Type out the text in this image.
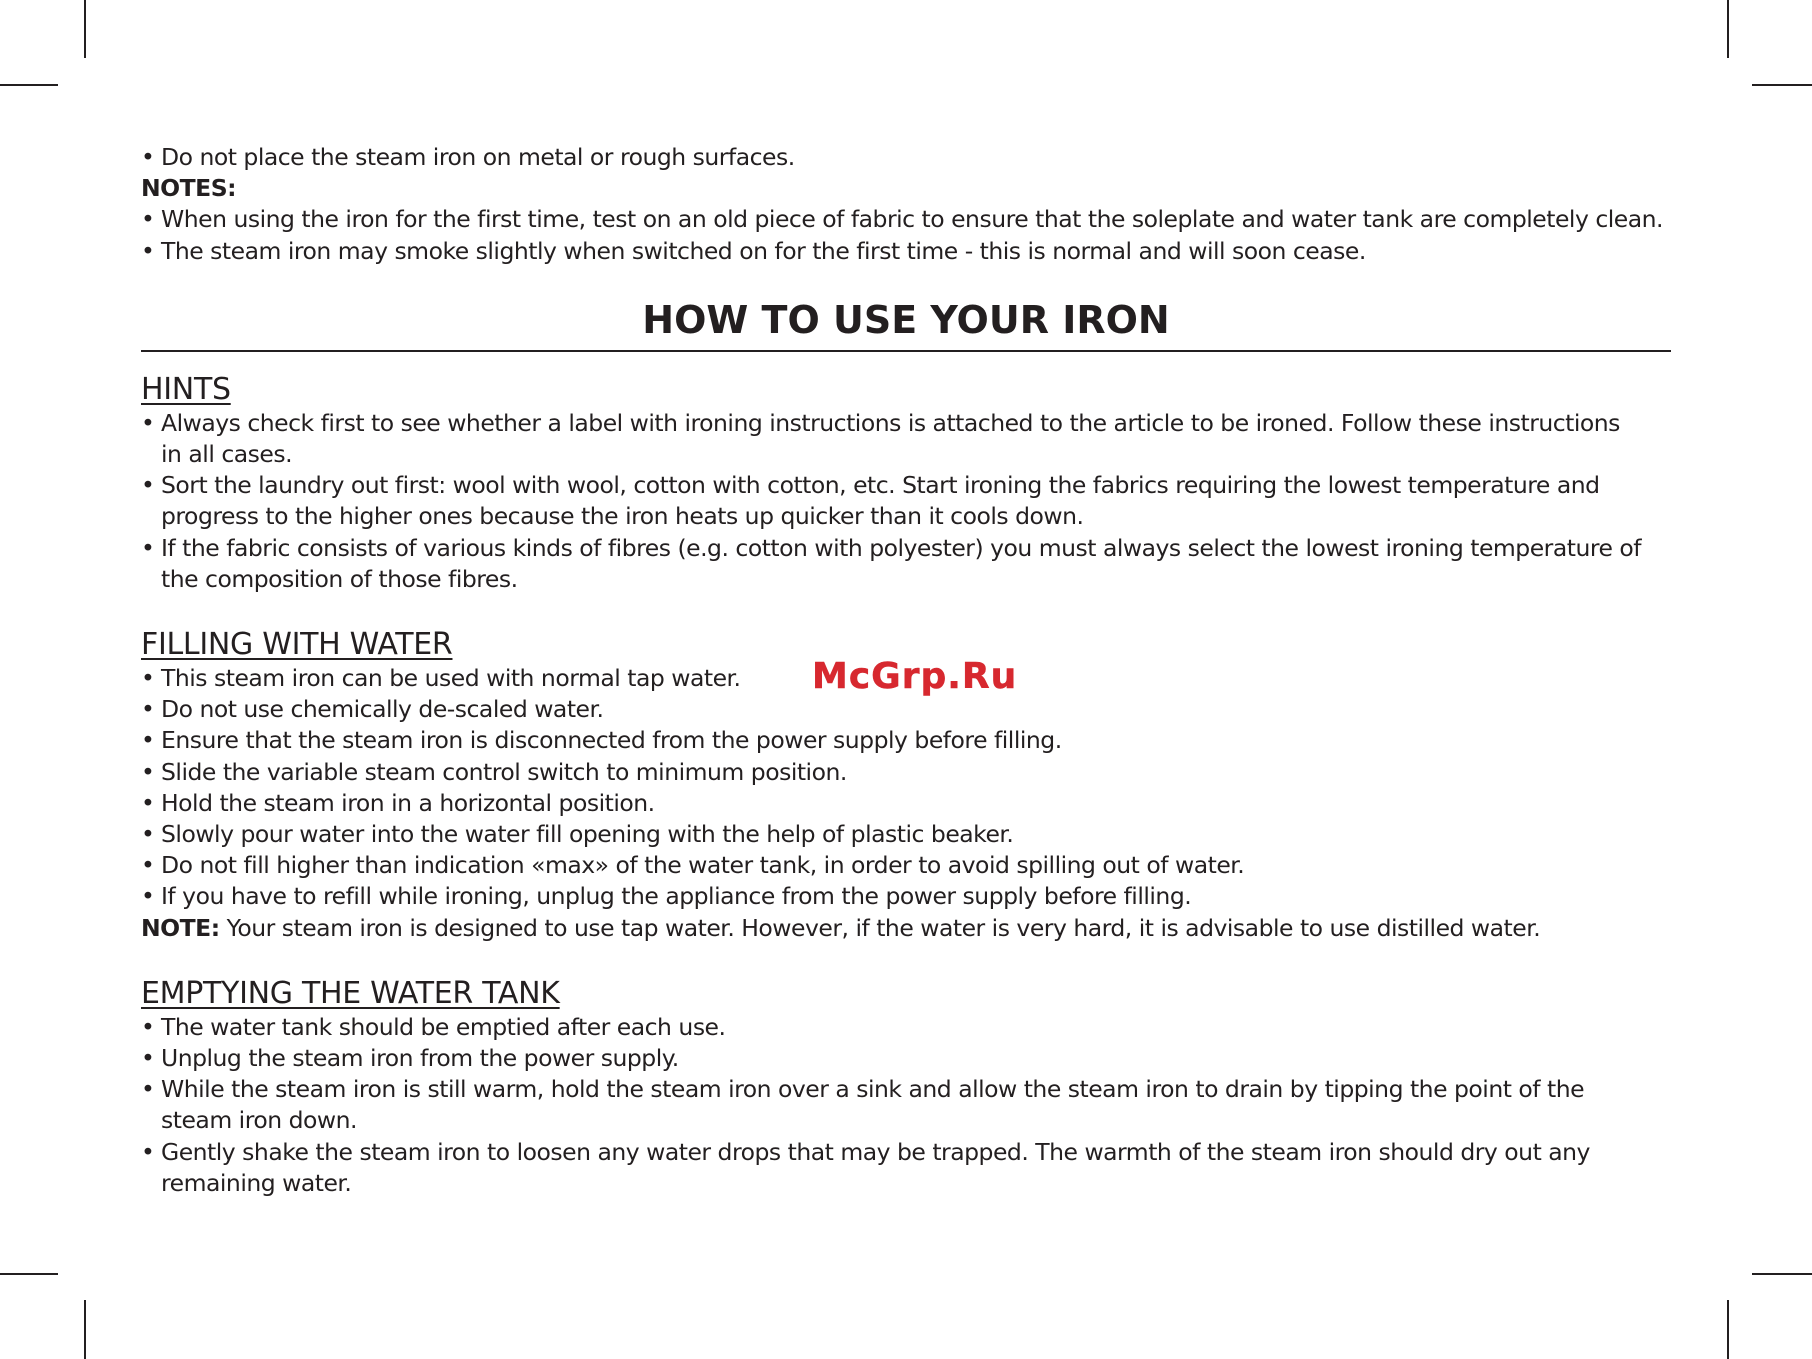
• Do not place the steam iron on metal or rough surfaces.
NOTES:
• When using the iron for the first time, test on an old piece of fabric to ensure that the soleplate and water tank are completely clean.
• The steam iron may smoke slightly when switched on for the first time - this is normal and will soon cease.
HOW TO USE YOUR IRON
HINTS
• Always check first to see whether a label with ironing instructions is attached to the article to be ironed. Follow these instructions
in all cases.
• Sort the laundry out first: wool with wool, cotton with cotton, etc. Start ironing the fabrics requiring the lowest temperature and
progress to the higher ones because the iron heats up quicker than it cools down.
• If the fabric consists of various kinds of fibres (e.g. cotton with polyester) you must always select the lowest ironing temperature of
the composition of those fibres.
FILLING WITH WATER
• This steam iron can be used with normal tap water.
• Do not use chemically de-scaled water.
• Ensure that the steam iron is disconnected from the power supply before filling.
• Slide the variable steam control switch to minimum position.
• Hold the steam iron in a horizontal position.
• Slowly pour water into the water fill opening with the help of plastic beaker.
• Do not fill higher than indication «max» of the water tank, in order to avoid spilling out of water.
• If you have to refill while ironing, unplug the appliance from the power supply before filling.
NOTE: Your steam iron is designed to use tap water. However, if the water is very hard, it is advisable to use distilled water.
EMPTYING THE WATER TANK
• The water tank should be emptied after each use.
• Unplug the steam iron from the power supply.
• While the steam iron is still warm, hold the steam iron over a sink and allow the steam iron to drain by tipping the point of the
steam iron down.
• Gently shake the steam iron to loosen any water drops that may be trapped. The warmth of the steam iron should dry out any
remaining water.
McGrp.Ru
